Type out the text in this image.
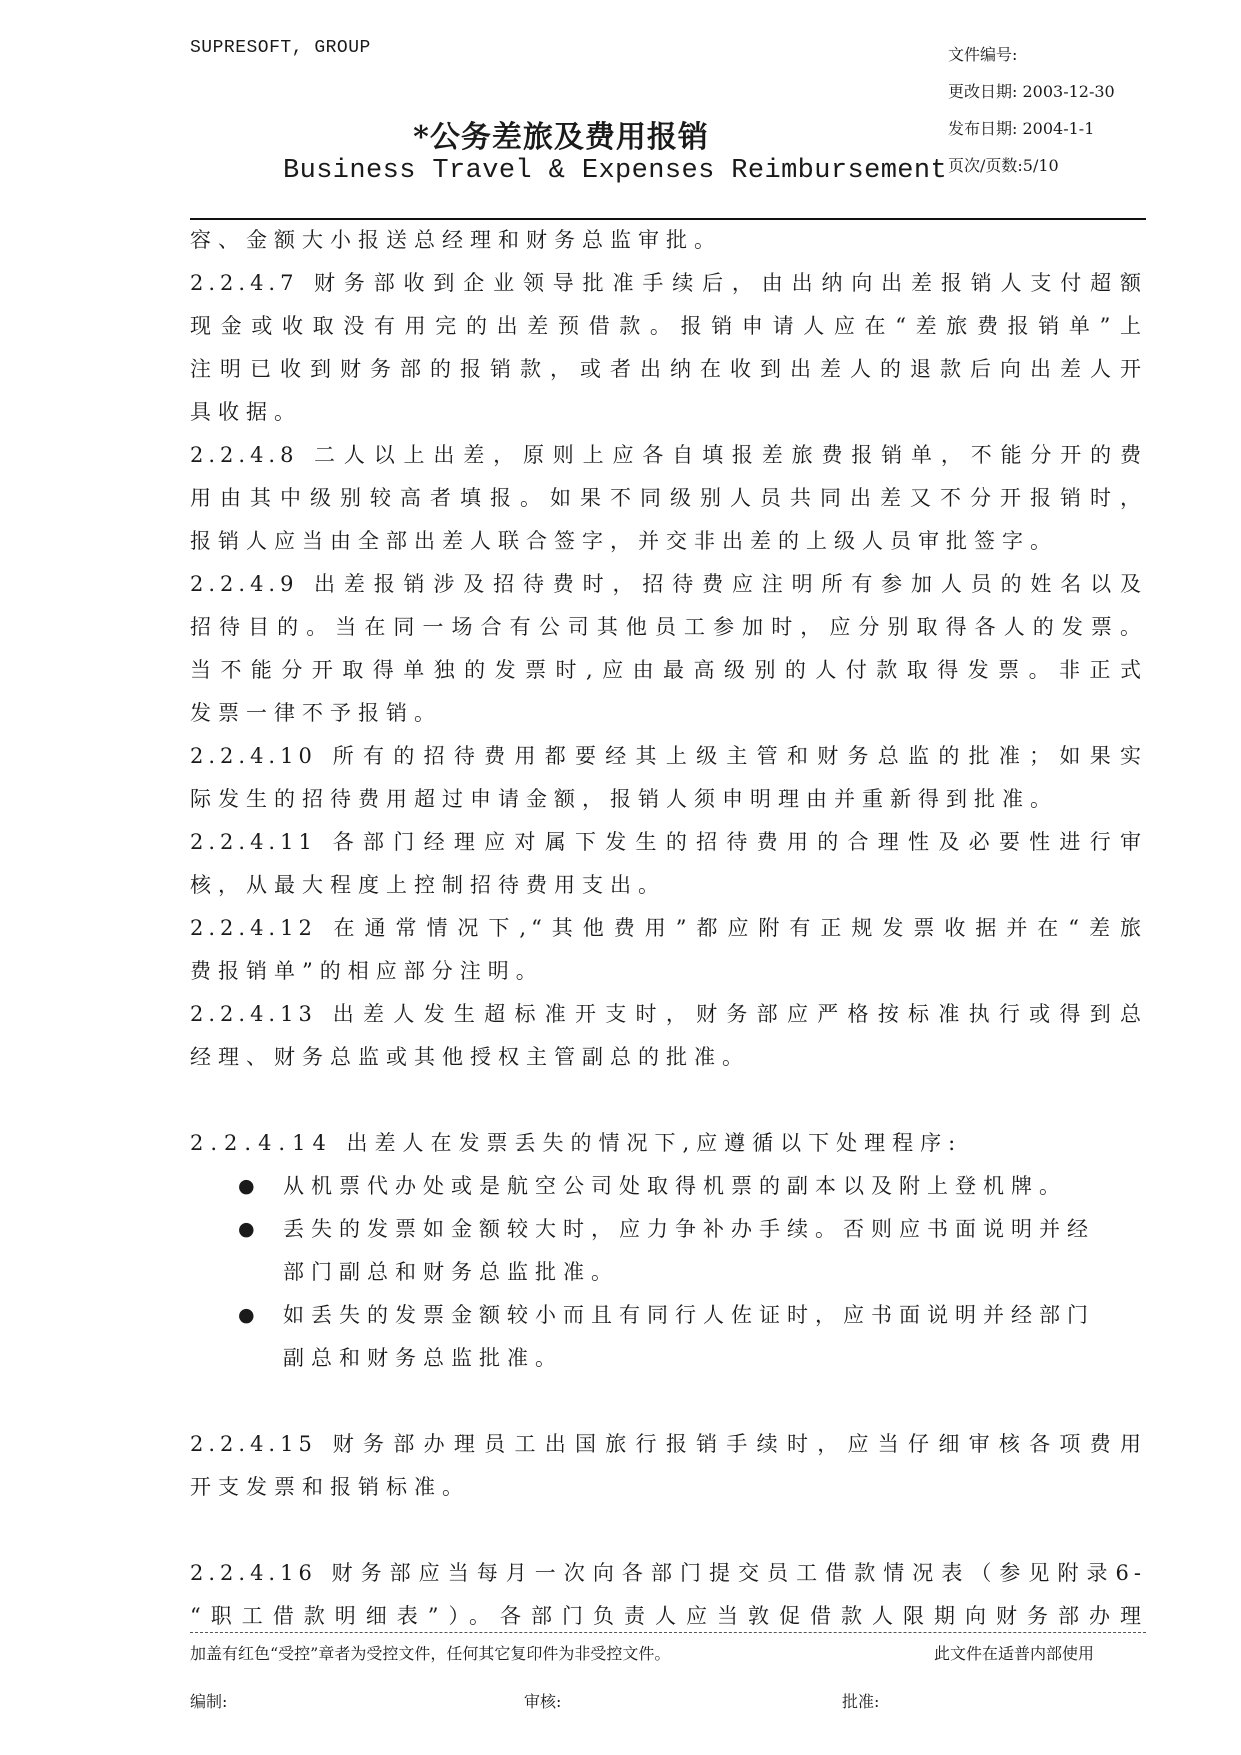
SUPRESOFT, GROUP
*公务差旅及费用报销
Business Travel & Expenses Reimbursement
文件编号:
更改日期: 2003-12-30
发布日期: 2004-1-1
页次/页数:5/10
容、金额大小报送总经理和财务总监审批。
2.2.4.7 财务部收到企业领导批准手续后，由出纳向出差报销人支付超额
现金或收取没有用完的出差预借款。报销申请人应在“差旅费报销单”上
注明已收到财务部的报销款，或者出纳在收到出差人的退款后向出差人开
具收据。
2.2.4.8 二人以上出差，原则上应各自填报差旅费报销单，不能分开的费
用由其中级别较高者填报。如果不同级别人员共同出差又不分开报销时，
报销人应当由全部出差人联合签字，并交非出差的上级人员审批签字。
2.2.4.9 出差报销涉及招待费时，招待费应注明所有参加人员的姓名以及
招待目的。当在同一场合有公司其他员工参加时，应分别取得各人的发票。
当不能分开取得单独的发票时,应由最高级别的人付款取得发票。非正式
发票一律不予报销。
2.2.4.10 所有的招待费用都要经其上级主管和财务总监的批准；如果实
际发生的招待费用超过申请金额，报销人须申明理由并重新得到批准。
2.2.4.11 各部门经理应对属下发生的招待费用的合理性及必要性进行审
核，从最大程度上控制招待费用支出。
2.2.4.12 在通常情况下,“其他费用”都应附有正规发票收据并在“差旅
费报销单”的相应部分注明。
2.2.4.13 出差人发生超标准开支时，财务部应严格按标准执行或得到总
经理、财务总监或其他授权主管副总的批准。
2.2.4.14 出差人在发票丢失的情况下,应遵循以下处理程序:
● 从机票代办处或是航空公司处取得机票的副本以及附上登机牌。
● 丢失的发票如金额较大时，应力争补办手续。否则应书面说明并经
部门副总和财务总监批准。
● 如丢失的发票金额较小而且有同行人佐证时，应书面说明并经部门
副总和财务总监批准。
2.2.4.15 财务部办理员工出国旅行报销手续时，应当仔细审核各项费用
开支发票和报销标准。
2.2.4.16 财务部应当每月一次向各部门提交员工借款情况表（参见附录6-
“职工借款明细表”）。各部门负责人应当敦促借款人限期向财务部办理
加盖有红色“受控”章者为受控文件，任何其它复印件为非受控文件。	此文件在适普内部使用
编制:	审核:	批准:
